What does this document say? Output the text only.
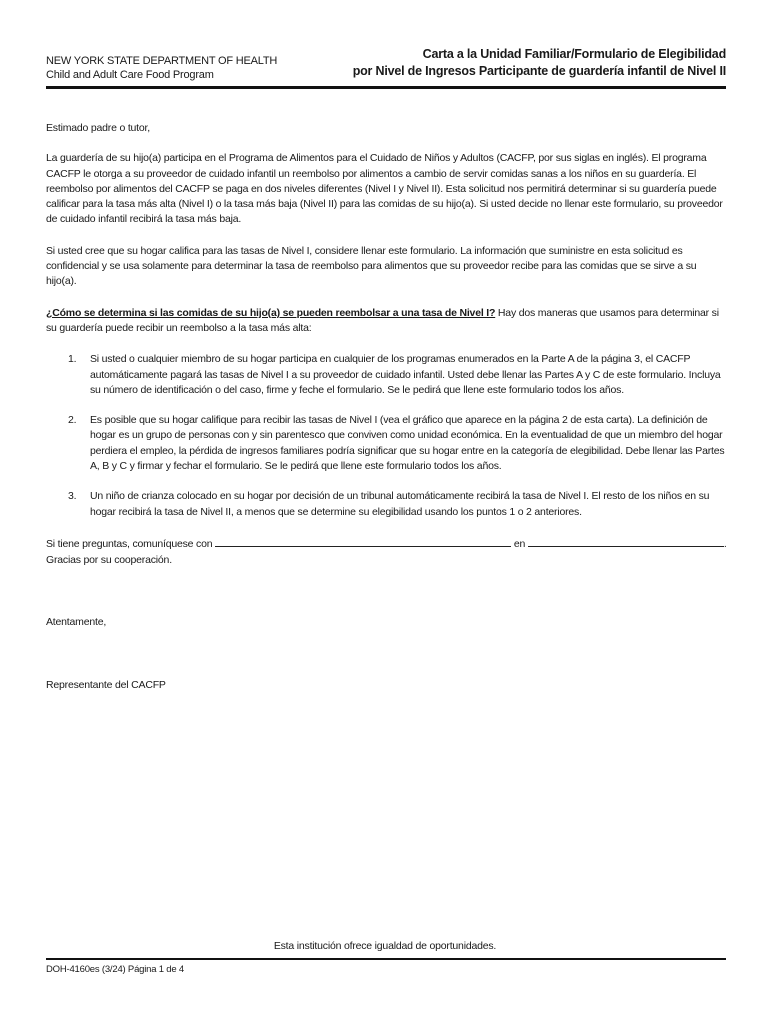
NEW YORK STATE DEPARTMENT OF HEALTH
Child and Adult Care Food Program
Carta a la Unidad Familiar/Formulario de Elegibilidad
por Nivel de Ingresos Participante de guardería infantil de Nivel II

Estimado padre o tutor,

La guardería de su hijo(a) participa en el Programa de Alimentos para el Cuidado de Niños y Adultos (CACFP, por sus siglas en inglés). El programa CACFP le otorga a su proveedor de cuidado infantil un reembolso por alimentos a cambio de servir comidas sanas a los niños en su guardería. El reembolso por alimentos del CACFP se paga en dos niveles diferentes (Nivel I y Nivel II). Esta solicitud nos permitirá determinar si su guardería puede calificar para la tasa más alta (Nivel I) o la tasa más baja (Nivel II) para las comidas de su hijo(a). Si usted decide no llenar este formulario, su proveedor de cuidado infantil recibirá la tasa más baja.

Si usted cree que su hogar califica para las tasas de Nivel I, considere llenar este formulario. La información que suministre en esta solicitud es confidencial y se usa solamente para determinar la tasa de reembolso para alimentos que su proveedor recibe para las comidas que se sirve a su hijo(a).

¿Cómo se determina si las comidas de su hijo(a) se pueden reembolsar a una tasa de Nivel I? Hay dos maneras que usamos para determinar si su guardería puede recibir un reembolso a la tasa más alta:

1. Si usted o cualquier miembro de su hogar participa en cualquier de los programas enumerados en la Parte A de la página 3, el CACFP automáticamente pagará las tasas de Nivel I a su proveedor de cuidado infantil. Usted debe llenar las Partes A y C de este formulario. Incluya su número de identificación o del caso, firme y feche el formulario. Se le pedirá que llene este formulario todos los años.
2. Es posible que su hogar califique para recibir las tasas de Nivel I (vea el gráfico que aparece en la página 2 de esta carta). La definición de hogar es un grupo de personas con y sin parentesco que conviven como unidad económica. En la eventualidad de que un miembro del hogar perdiera el empleo, la pérdida de ingresos familiares podría significar que su hogar entre en la categoría de elegibilidad. Debe llenar las Partes A, B y C y firmar y fechar el formulario. Se le pedirá que llene este formulario todos los años.
3. Un niño de crianza colocado en su hogar por decisión de un tribunal automáticamente recibirá la tasa de Nivel I. El resto de los niños en su hogar recibirá la tasa de Nivel II, a menos que se determine su elegibilidad usando los puntos 1 o 2 anteriores.

Si tiene preguntas, comuníquese con	en	.

Gracias por su cooperación.
Atentamente,
Representante del CACFP
Esta institución ofrece igualdad de oportunidades.
DOH-4160es (3/24) Página 1 de 4
